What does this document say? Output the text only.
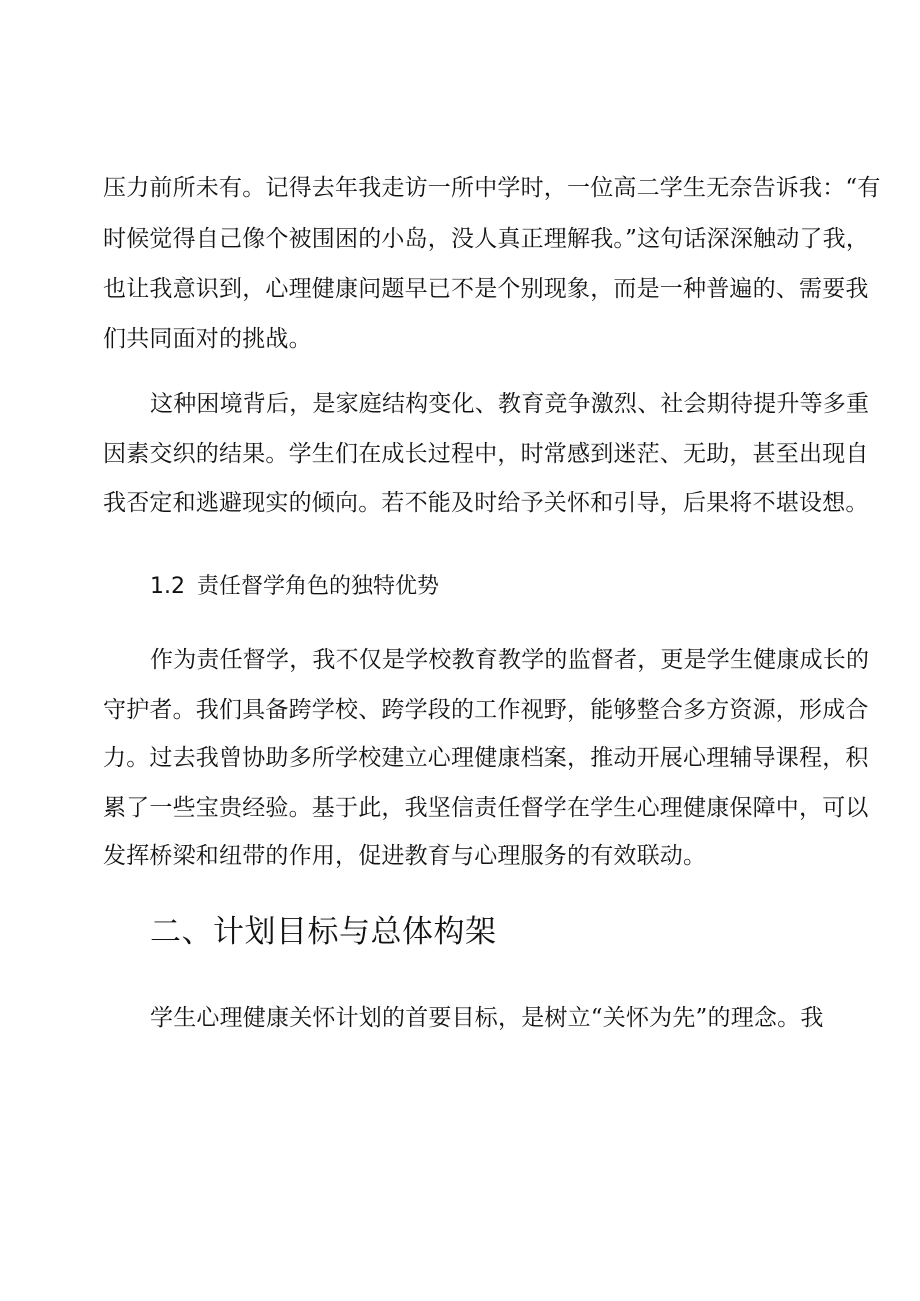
压力前所未有。记得去年我走访一所中学时，一位高二学生无奈告诉我：“有
时候觉得自己像个被围困的小岛，没人真正理解我。”这句话深深触动了我，
也让我意识到，心理健康问题早已不是个别现象，而是一种普遍的、需要我
们共同面对的挑战。
这种困境背后，是家庭结构变化、教育竞争激烈、社会期待提升等多重
因素交织的结果。学生们在成长过程中，时常感到迷茫、无助，甚至出现自
我否定和逃避现实的倾向。若不能及时给予关怀和引导，后果将不堪设想。
1.2 责任督学角色的独特优势
作为责任督学，我不仅是学校教育教学的监督者，更是学生健康成长的
守护者。我们具备跨学校、跨学段的工作视野，能够整合多方资源，形成合
力。过去我曾协助多所学校建立心理健康档案，推动开展心理辅导课程，积
累了一些宝贵经验。基于此，我坚信责任督学在学生心理健康保障中，可以
发挥桥梁和纽带的作用，促进教育与心理服务的有效联动。
二、计划目标与总体构架
学生心理健康关怀计划的首要目标，是树立“关怀为先”的理念。我
